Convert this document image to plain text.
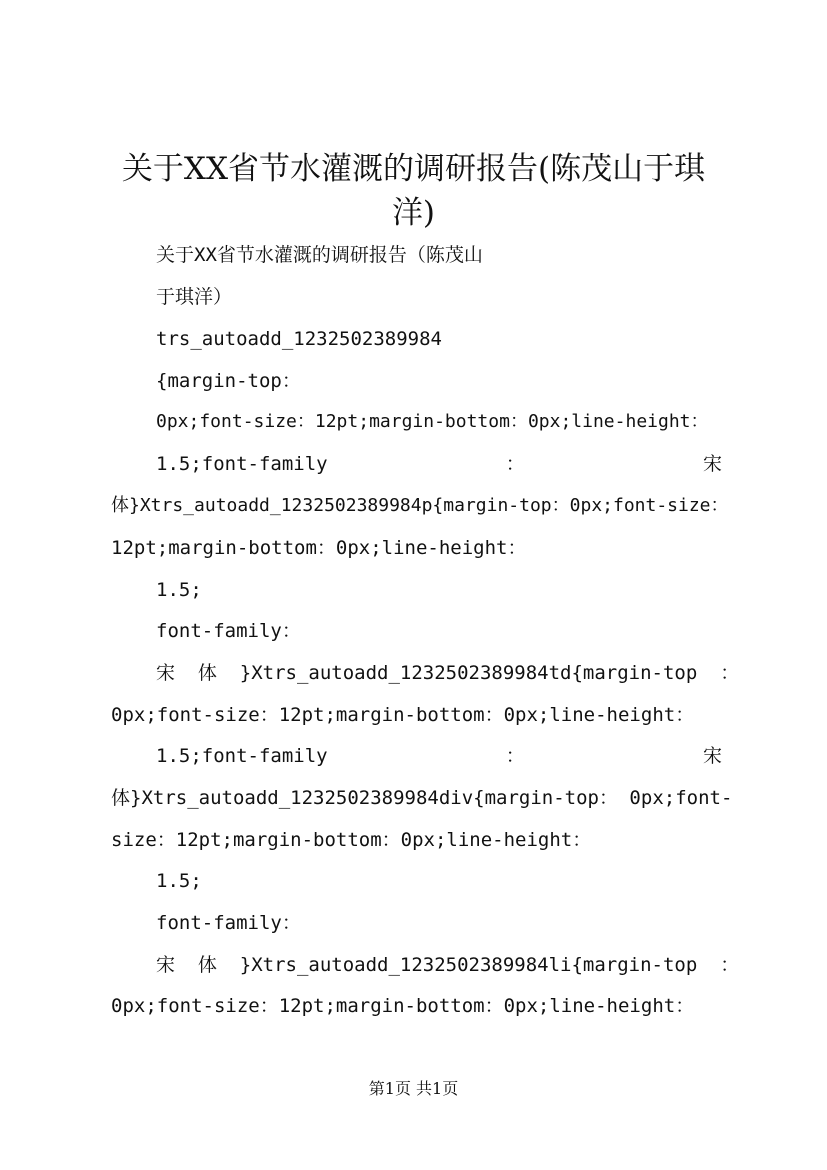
关于XX省节水灌溉的调研报告(陈茂山于琪
洋)
关于XX省节水灌溉的调研报告（陈茂山
于琪洋）
trs_autoadd_1232502389984
{margin-top：
0px;font-size：12pt;margin-bottom：0px;line-height：
1.5;font-family	：	宋
体}Xtrs_autoadd_1232502389984p{margin-top：0px;font-size：
12pt;margin-bottom：0px;line-height：
1.5;
font-family：
宋  体  }Xtrs_autoadd_1232502389984td{margin-top  ：
0px;font-size：12pt;margin-bottom：0px;line-height：
1.5;font-family	：	宋
体}Xtrs_autoadd_1232502389984div{margin-top： 0px;font-
size：12pt;margin-bottom：0px;line-height：
1.5;
font-family：
宋  体  }Xtrs_autoadd_1232502389984li{margin-top  ：
0px;font-size：12pt;margin-bottom：0px;line-height：
第1页 共1页
